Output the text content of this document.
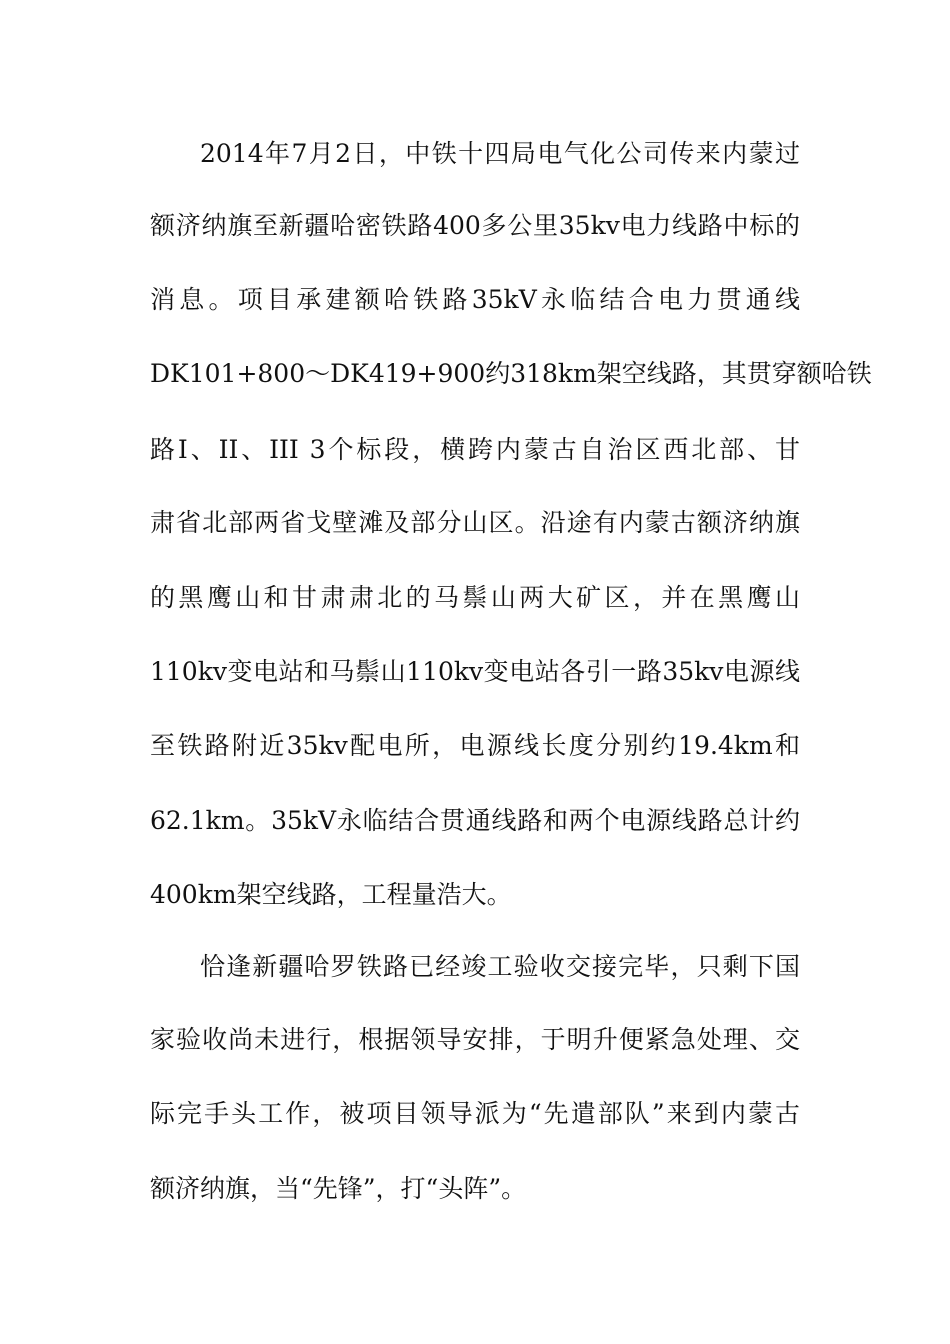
2014年7月2日，中铁十四局电气化公司传来内蒙过
额济纳旗至新疆哈密铁路400多公里35kv电力线路中标的
消息。项目承建额哈铁路35kV永临结合电力贯通线
DK101+800～DK419+900约318km架空线路，其贯穿额哈铁
路I、II、III 3个标段，横跨内蒙古自治区西北部、甘
肃省北部两省戈壁滩及部分山区。沿途有内蒙古额济纳旗
的黑鹰山和甘肃肃北的马鬃山两大矿区，并在黑鹰山
110kv变电站和马鬃山110kv变电站各引一路35kv电源线
至铁路附近35kv配电所，电源线长度分别约19.4km和
62.1km。35kV永临结合贯通线路和两个电源线路总计约
400km架空线路，工程量浩大。
恰逢新疆哈罗铁路已经竣工验收交接完毕，只剩下国
家验收尚未进行，根据领导安排，于明升便紧急处理、交
际完手头工作，被项目领导派为“先遣部队”来到内蒙古
额济纳旗，当“先锋”，打“头阵”。
